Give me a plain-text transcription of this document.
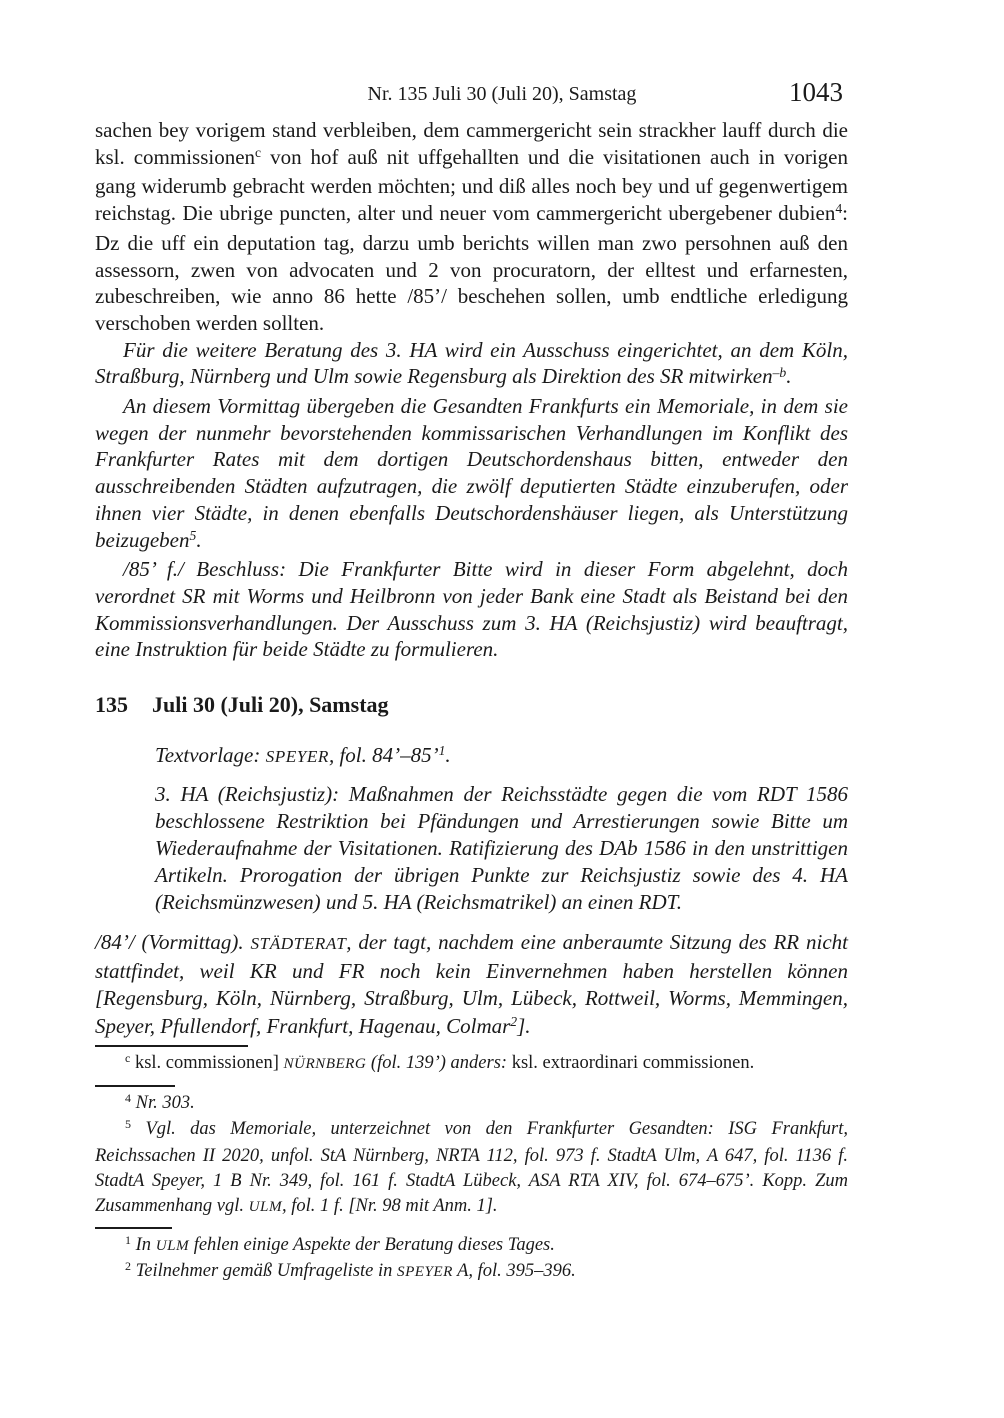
Nr. 135 Juli 30 (Juli 20), Samstag	1043

sachen bey vorigem stand verbleiben, dem cammergericht sein strackher lauff durch die ksl. commissionen$^c$ von hof auß nit uffgehallten und die visitationen auch in vorigen gang widerumb gebracht werden möchten; und diß alles noch bey und uf gegenwertigem reichstag. Die ubrige puncten, alter und neuer vom cammergericht ubergebener dubien$^4$: Dz die uff ein deputation tag, darzu umb berichts willen man zwo persohnen auß den assessorn, zwen von advocaten und 2 von procuratorn, der elltest und erfarnesten, zubeschreiben, wie anno 86 hette /85’/ beschehen sollen, umb endtliche erledigung verschoben werden sollten.

Für die weitere Beratung des 3. HA wird ein Ausschuss eingerichtet, an dem Köln, Straßburg, Nürnberg und Ulm sowie Regensburg als Direktion des SR mitwirken$^{-b}$.

An diesem Vormittag übergeben die Gesandten Frankfurts ein Memoriale, in dem sie wegen der nunmehr bevorstehenden kommissarischen Verhandlungen im Konflikt des Frankfurter Rates mit dem dortigen Deutschordenshaus bitten, entweder den ausschreibenden Städten aufzutragen, die zwölf deputierten Städte einzuberufen, oder ihnen vier Städte, in denen ebenfalls Deutschordenshäuser liegen, als Unterstützung beizugeben$^5$.

/85’ f./ Beschluss: Die Frankfurter Bitte wird in dieser Form abgelehnt, doch verordnet SR mit Worms und Heilbronn von jeder Bank eine Stadt als Beistand bei den Kommissionsverhandlungen. Der Ausschuss zum 3. HA (Reichsjustiz) wird beauftragt, eine Instruktion für beide Städte zu formulieren.

135	Juli 30 (Juli 20), Samstag

Textvorlage: SPEYER, fol. 84’–85’$^1$.

3. HA (Reichsjustiz): Maßnahmen der Reichsstädte gegen die vom RDT 1586 beschlossene Restriktion bei Pfändungen und Arrestierungen sowie Bitte um Wiederaufnahme der Visitationen. Ratifizierung des DAb 1586 in den unstrittigen Artikeln. Prorogation der übrigen Punkte zur Reichsjustiz sowie des 4. HA (Reichsmünzwesen) und 5. HA (Reichsmatrikel) an einen RDT.

/84’/ (Vormittag). STÄDTERAT, der tagt, nachdem eine anberaumte Sitzung des RR nicht stattfindet, weil KR und FR noch kein Einvernehmen haben herstellen können [Regensburg, Köln, Nürnberg, Straßburg, Ulm, Lübeck, Rottweil, Worms, Memmingen, Speyer, Pfullendorf, Frankfurt, Hagenau, Colmar$^2$].

$^c$ ksl. commissionen] NÜRNBERG (fol. 139’) anders: ksl. extraordinari commissionen.

$^4$ Nr. 303.

$^5$ Vgl. das Memoriale, unterzeichnet von den Frankfurter Gesandten: ISG Frankfurt, Reichssachen II 2020, unfol. StA Nürnberg, NRTA 112, fol. 973 f. StadtA Ulm, A 647, fol. 1136 f. StadtA Speyer, 1 B Nr. 349, fol. 161 f. StadtA Lübeck, ASA RTA XIV, fol. 674–675’. Kopp. Zum Zusammenhang vgl. ULM, fol. 1 f. [Nr. 98 mit Anm. 1].

$^1$ In ULM fehlen einige Aspekte der Beratung dieses Tages.

$^2$ Teilnehmer gemäß Umfrageliste in SPEYER A, fol. 395–396.
